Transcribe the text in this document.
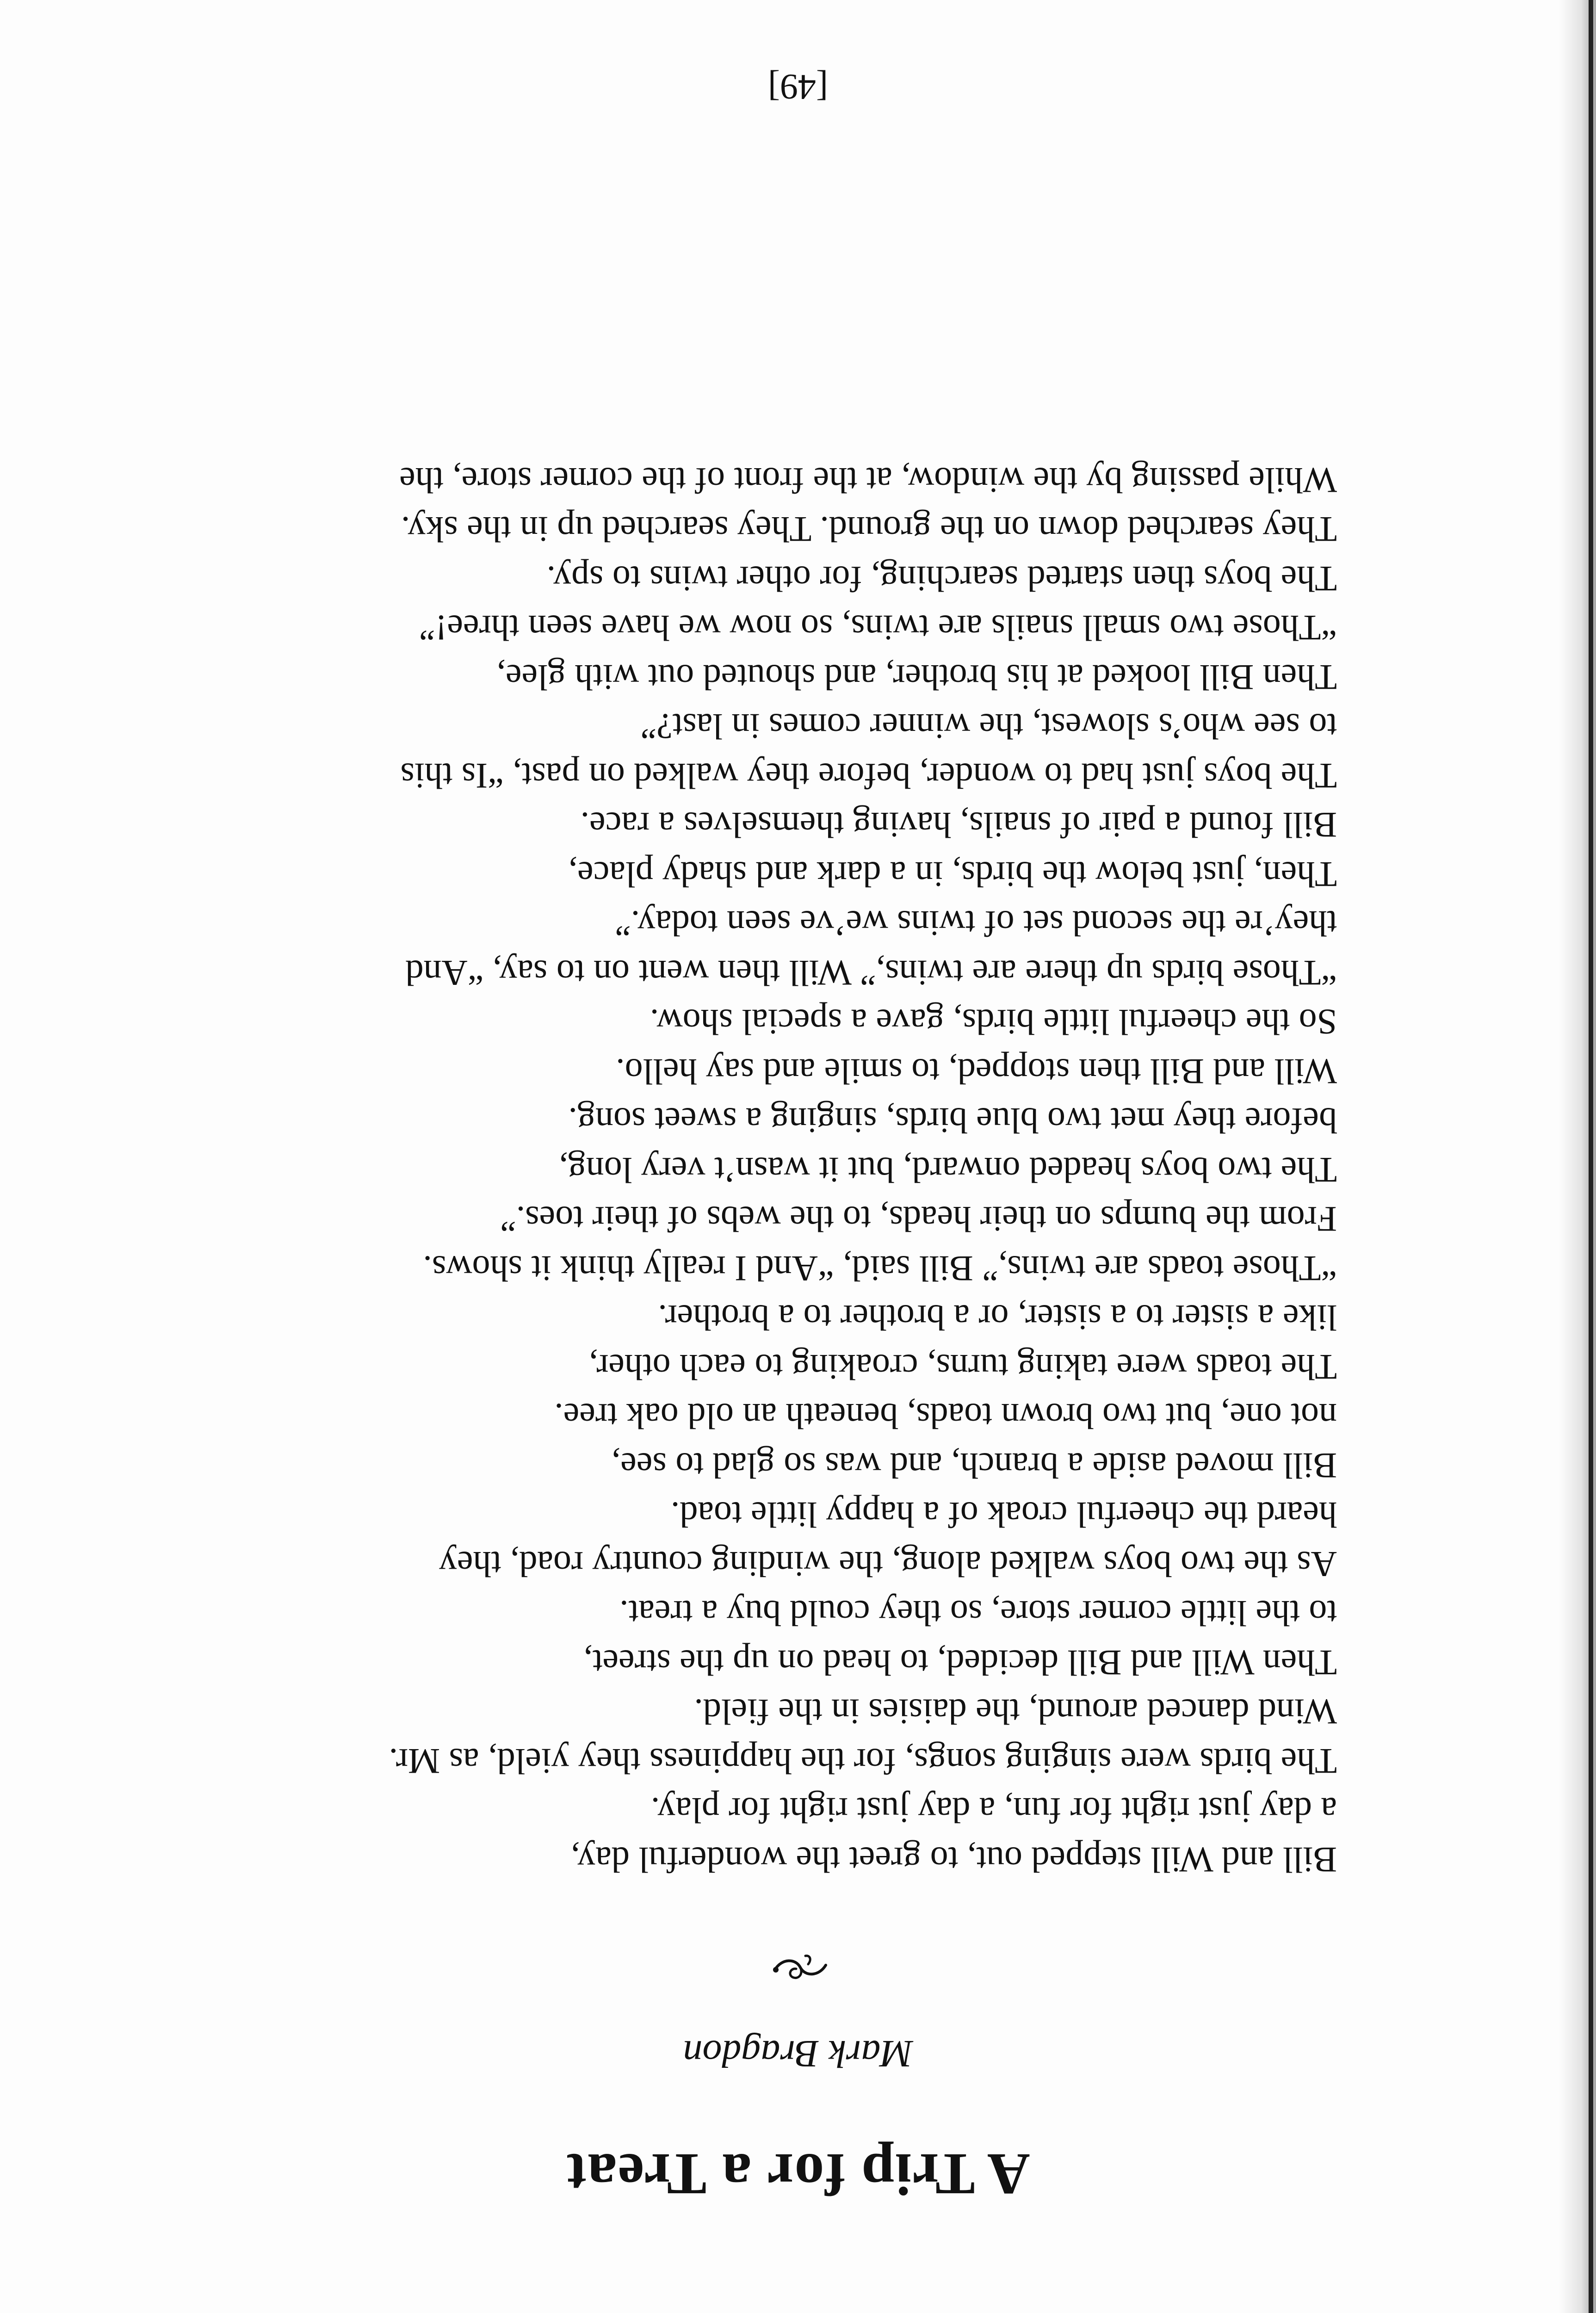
A Trip for a Treat
Mark Bragdon
Bill and Will stepped out, to greet the wonderful day,
a day just right for fun, a day just right for play.
The birds were singing songs, for the happiness they yield, as Mr.
Wind danced around, the daisies in the field.
Then Will and Bill decided, to head on up the street,
to the little corner store, so they could buy a treat.
As the two boys walked along, the winding country road, they
heard the cheerful croak of a happy little toad.
Bill moved aside a branch, and was so glad to see,
not one, but two brown toads, beneath an old oak tree.
The toads were taking turns, croaking to each other,
like a sister to a sister, or a brother to a brother.
“Those toads are twins,” Bill said, “And I really think it shows.
From the bumps on their heads, to the webs of their toes.”
The two boys headed onward, but it wasn’t very long,
before they met two blue birds, singing a sweet song.
Will and Bill then stopped, to smile and say hello.
So the cheerful little birds, gave a special show.
“Those birds up there are twins,” Will then went on to say, “And
they’re the second set of twins we’ve seen today.”
Then, just below the birds, in a dark and shady place,
Bill found a pair of snails, having themselves a race.
The boys just had to wonder, before they walked on past, “Is this
to see who’s slowest, the winner comes in last?”
Then Bill looked at his brother, and shouted out with glee,
“Those two small snails are twins, so now we have seen three!”
The boys then started searching, for other twins to spy.
They searched down on the ground. They searched up in the sky.
While passing by the window, at the front of the corner store, the
[49]
